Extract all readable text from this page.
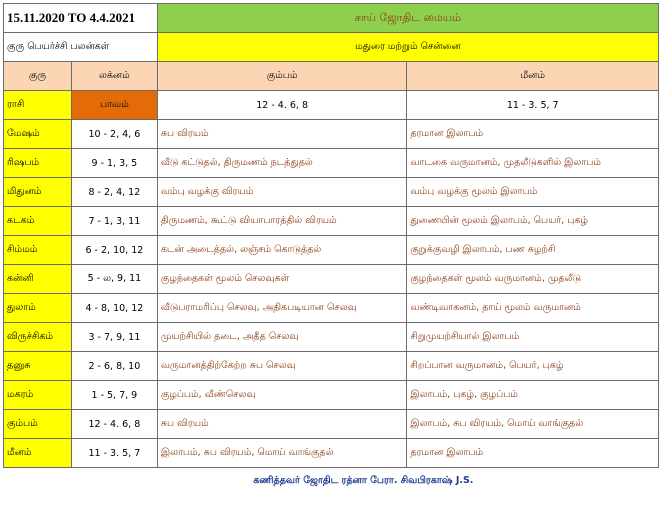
15.11.2020 TO 4.4.2021		சாய் ஜோதிட மையம்	
குரு பெயர்ச்சி பலன்கள்		மதுரை மற்றும் சென்னை	
குரு	லக்னம்	கும்பம்	மீனம்
ராசி	பாவம்	12 - 4. 6, 8	11 - 3. 5, 7
மேஷம்	10 - 2, 4, 6	சுப விரயம்	தரமான இலாபம்
ரிஷபம்	9 - 1, 3, 5	வீடு கட்டுதல், திருமணம் நடத்துதல்	வாடகை வருமானம், முதலீடுகளில் இலாபம்
மிதுனம்	8 - 2, 4, 12	வம்பு வழக்கு விரயம்	வம்பு வழக்கு மூலம் இலாபம்
கடகம்	7 - 1, 3, 11	திருமணம், கூட்டு வியாபாரத்தில் விரயம்	துணையின் மூலம் இலாபம், பெயர், புகழ்
சிம்மம்	6 - 2, 10, 12	கடன் அடைத்தல், லஞ்சம் கொடுத்தல்	குறுக்குவழி இலாபம், பண சுழற்சி
கன்னி	5 - ல, 9, 11	குழந்தைகள் மூலம் செலவுகள்	குழந்தைகள் மூலம் வருமானம், முதலீடு
துலாம்	4 - 8, 10, 12	வீடுபராமரிப்பு செலவு, அதிகபடியான செலவு	வண்டிவாகனம், தாய் மூலம் வருமானம்
விருச்சிகம்	3 - 7, 9, 11	முயற்சியில் தடை, அதீத செலவு	சிறுமுயற்சியால் இலாபம்
தனுசு	2 - 6, 8, 10	வருமானத்திற்கேற்ற சுப செலவு	சிறப்பான வருமானம், பெயர், புகழ்
மகரம்	1 - 5, 7, 9	குழப்பம், வீண்செலவு	இலாபம், புகழ், குழப்பம்
கும்பம்	12 - 4. 6, 8	சுப விரயம்	இலாபம், சுப விரயம், மொய் வாங்குதல்
மீனம்	11 - 3. 5, 7	இலாபம், சுப விரயம், மொய் வாங்குதல்	தரமான இலாபம்
		கணித்தவர் ஜோதிட ரத்னா பேரா. சிவபிரகாஷ் J.S.	
